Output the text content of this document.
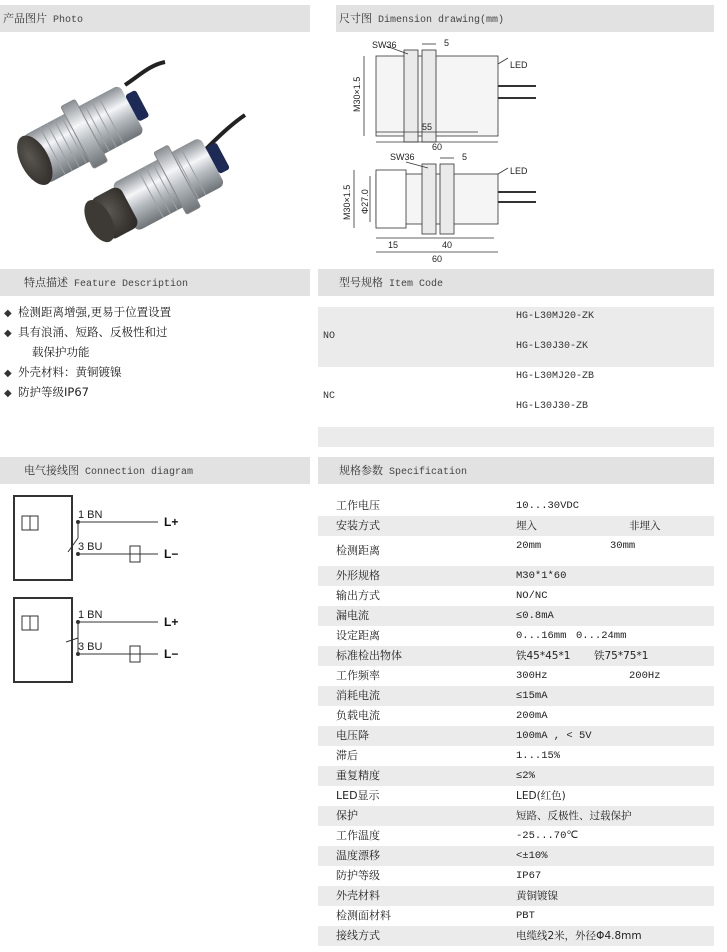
产品图片 Photo	尺寸图 Dimension drawing(mm)
特点描述 Feature Description	型号规格 Item Code
电气接线图 Connection diagram	规格参数 Specification
SW36	5
LED
M30×1.5
55
60
SW36	5
LED
M30×1.5 Φ27.0
15	40
60
◆ 检测距离增强,更易于位置设置
◆ 具有浪涌、短路、反极性和过
载保护功能
◆ 外壳材料：黄铜镀镍
◆ 防护等级IP67
NO
HG-L30MJ20-ZK
HG-L30J30-ZK
NC
HG-L30MJ20-ZB
HG-L30J30-ZB
1 BN
3 BU
L+
L−
1 BN
3 BU
L+
L−
工作电压	10...30VDC
安装方式	埋入	非埋入
检测距离	20mm	30mm
外形规格	M30*1*60
输出方式	NO/NC
漏电流	≤0.8mA
设定距离	0...16mm 0...24mm
标准检出物体	铁45*45*1 铁75*75*1
工作频率	300Hz	200Hz
消耗电流	≤15mA
负载电流	200mA
电压降	100mA , < 5V
滞后	1...15%
重复精度	≤2%
LED显示	LED(红色)
保护	短路、反极性、过载保护
工作温度	-25...70℃
温度漂移	<±10%
防护等级	IP67
外壳材料	黄铜镀镍
检测面材料	PBT
接线方式	电缆线2米，外径Φ4.8mm
